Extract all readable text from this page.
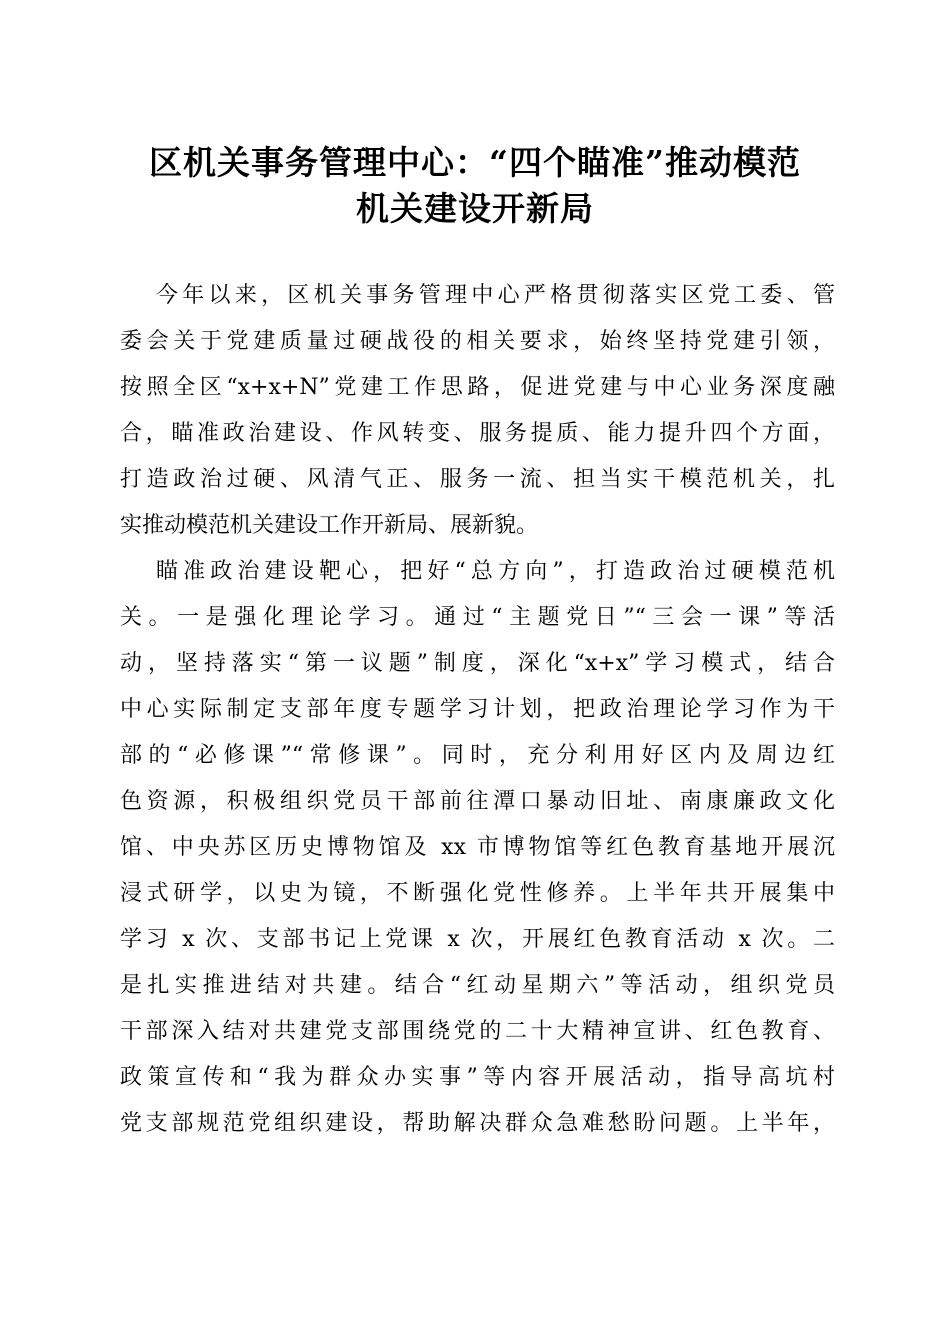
区机关事务管理中心：“四个瞄准”推动模范
机关建设开新局
今年以来，区机关事务管理中心严格贯彻落实区党工委、管
委会关于党建质量过硬战役的相关要求，始终坚持党建引领，
按照全区“x+x+N”党建工作思路，促进党建与中心业务深度融
合，瞄准政治建设、作风转变、服务提质、能力提升四个方面，
打造政治过硬、风清气正、服务一流、担当实干模范机关，扎
实推动模范机关建设工作开新局、展新貌。
瞄准政治建设靶心，把好“总方向”，打造政治过硬模范机
关。一是强化理论学习。通过“主题党日”“三会一课”等活
动，坚持落实“第一议题”制度，深化“x+x”学习模式，结合
中心实际制定支部年度专题学习计划，把政治理论学习作为干
部的“必修课”“常修课”。同时，充分利用好区内及周边红
色资源，积极组织党员干部前往潭口暴动旧址、南康廉政文化
馆、中央苏区历史博物馆及 xx 市博物馆等红色教育基地开展沉
浸式研学，以史为镜，不断强化党性修养。上半年共开展集中
学习 x 次、支部书记上党课 x 次，开展红色教育活动 x 次。二
是扎实推进结对共建。结合“红动星期六”等活动，组织党员
干部深入结对共建党支部围绕党的二十大精神宣讲、红色教育、
政策宣传和“我为群众办实事”等内容开展活动，指导高坑村
党支部规范党组织建设，帮助解决群众急难愁盼问题。上半年，
